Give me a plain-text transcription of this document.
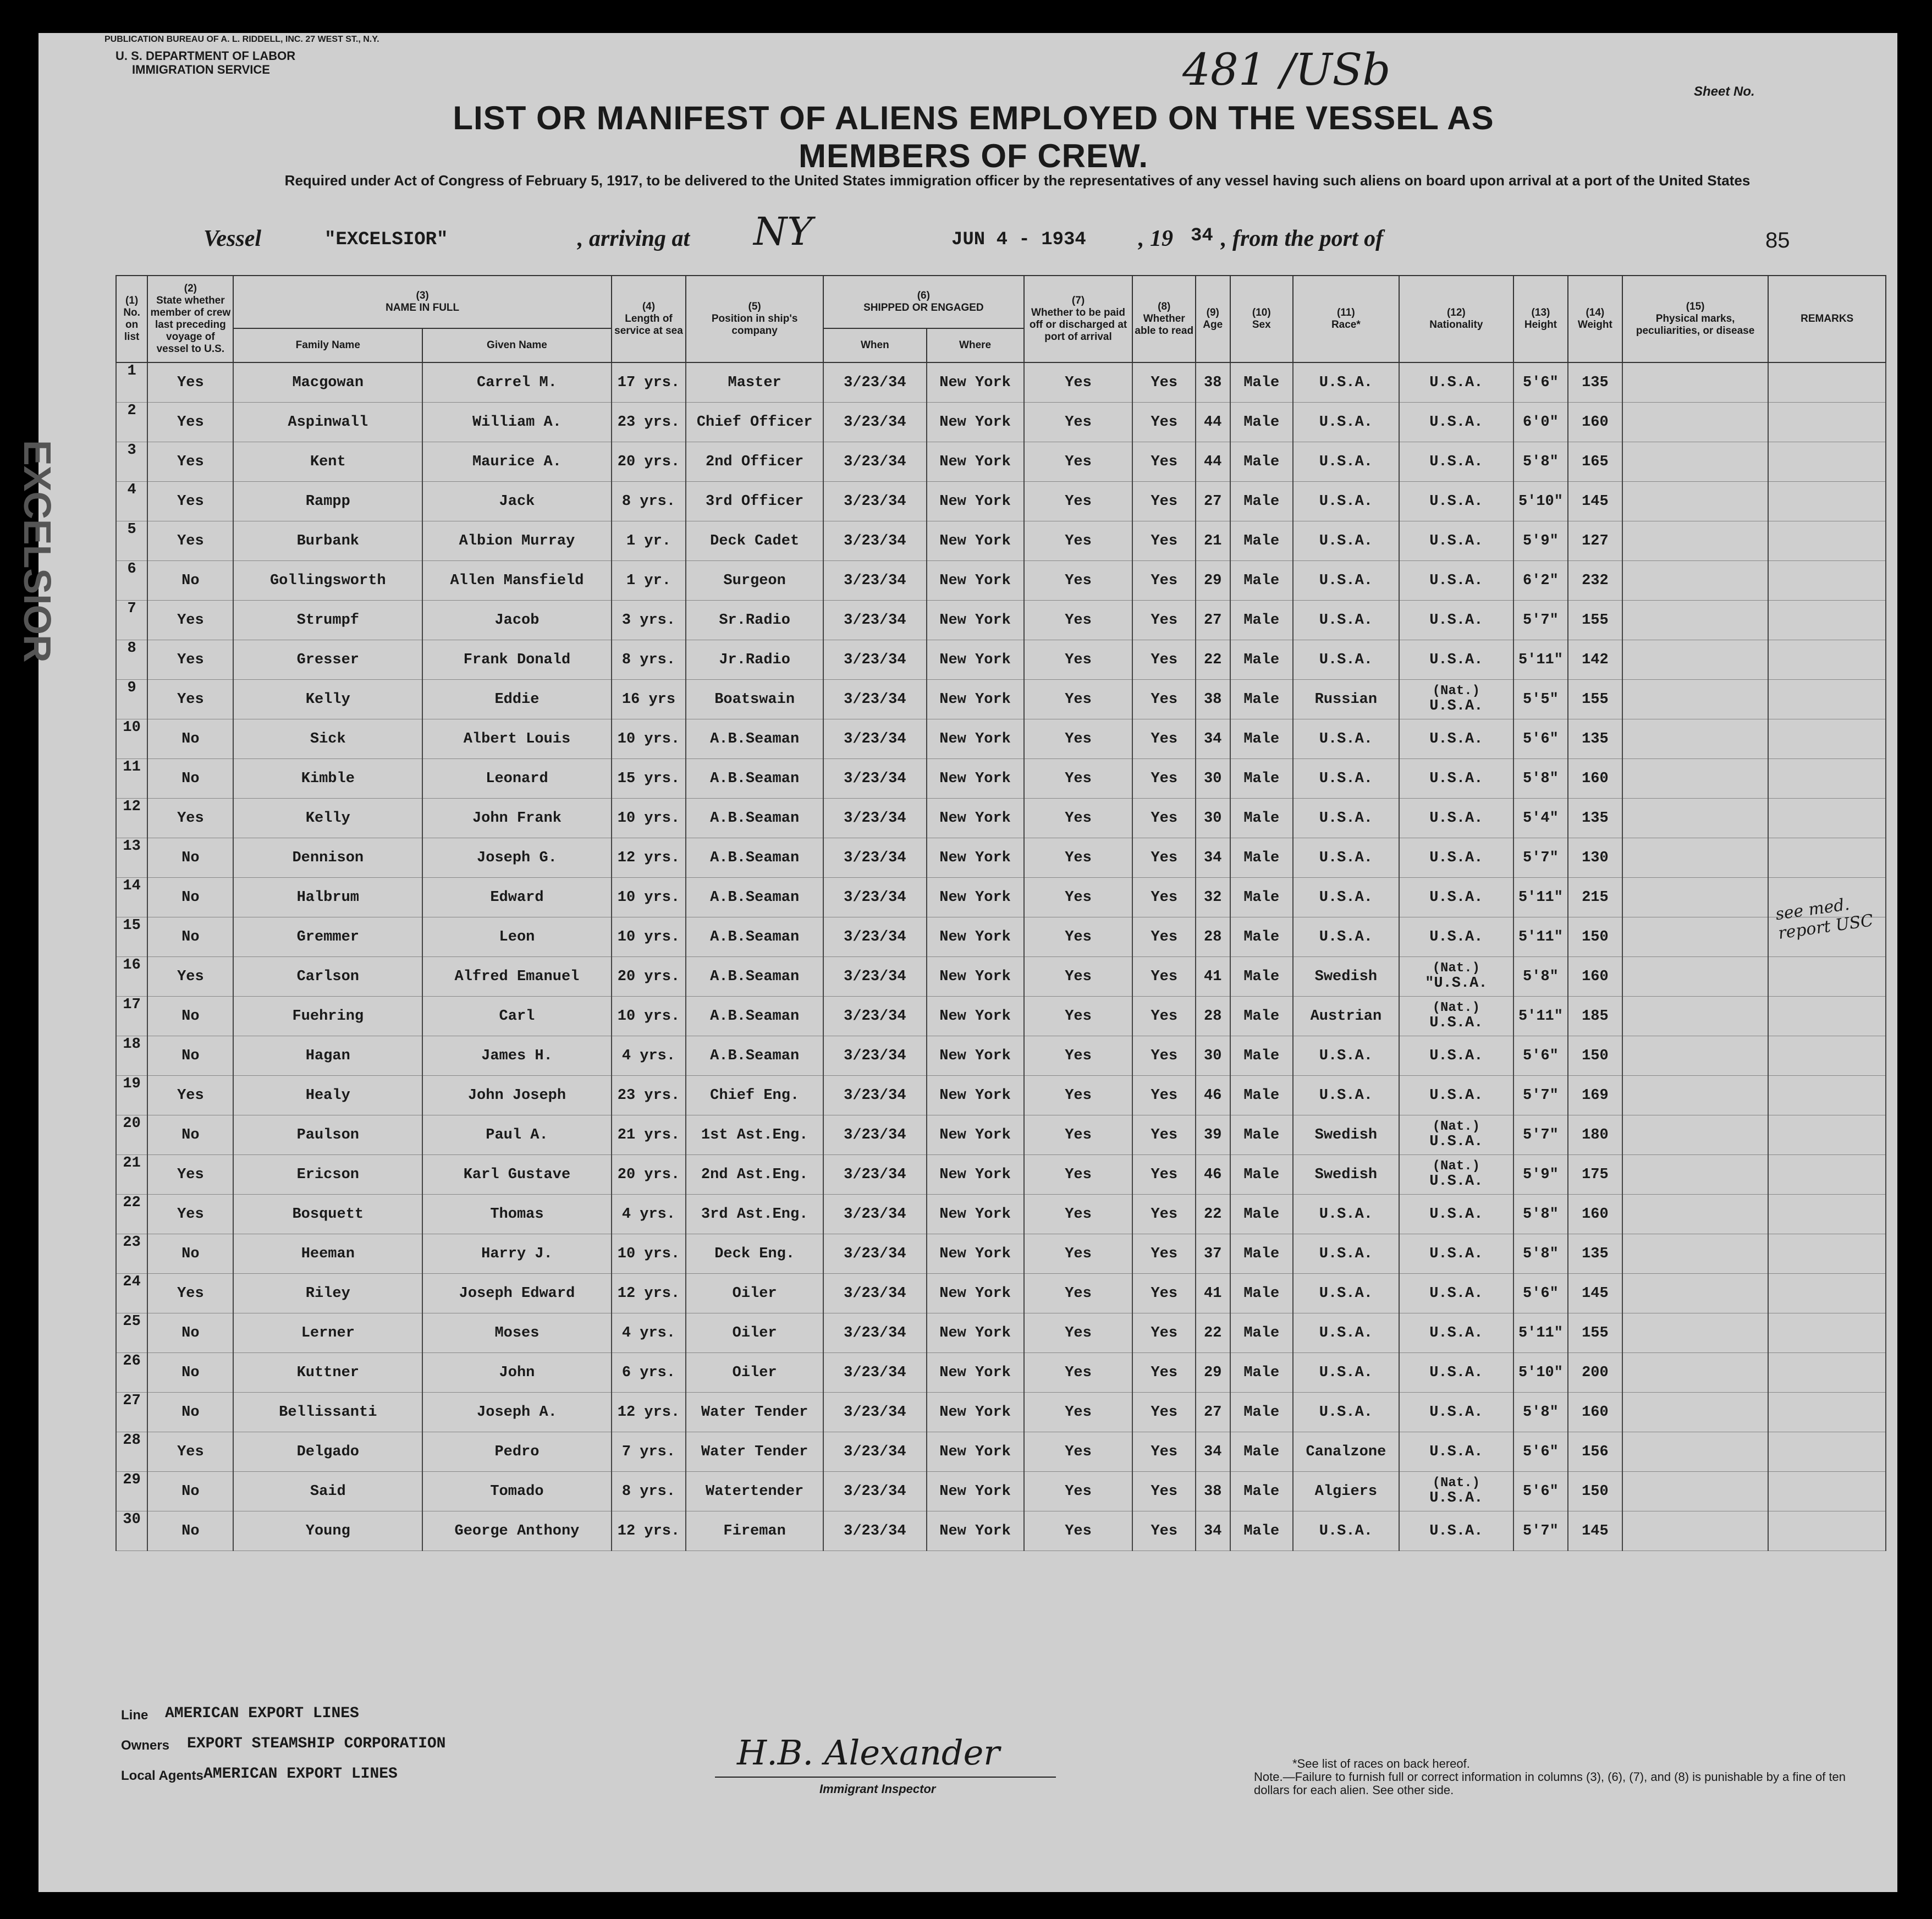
PUBLICATION BUREAU OF A. L. RIDDELL, INC. 27 WEST ST., N.Y.
U. S. DEPARTMENT OF LABOR
IMMIGRATION SERVICE	481 /USb	Sheet No.
LIST OR MANIFEST OF ALIENS EMPLOYED ON THE VESSEL AS MEMBERS OF CREW.
Required under Act of Congress of February 5, 1917, to be delivered to the United States immigration officer by the representatives of any vessel having such aliens on board upon arrival at a port of the United States
Vessel	"EXCELSIOR"	, arriving at NY	JUN 4 - 1934 , 19 34 , from the port of	85
EXCELSIOR
(1)
No. on list	(2)
State whether member of crew last preceding voyage of vessel to U.S.	(3)
NAME IN FULL		(4)
Length of service at sea	(5)
Position in ship's company	(6)
SHIPPED OR ENGAGED		(7)
Whether to be paid off or discharged at port of arrival	(8)
Whether able to read	(9)
Age	(10)
Sex	(11)
Race*	(12)
Nationality	(13)
Height	(14)
Weight	(15)
Physical marks, peculiarities, or disease	REMARKS
		Family Name	Given Name			When	Where										
1	Yes	Macgowan	Carrel M.	17 yrs.	Master	3/23/34	New York	Yes	Yes	38	Male	U.S.A.	U.S.A.	5'6"	135		
2	Yes	Aspinwall	William A.	23 yrs.	Chief Officer	3/23/34	New York	Yes	Yes	44	Male	U.S.A.	U.S.A.	6'0"	160		
3	Yes	Kent	Maurice A.	20 yrs.	2nd Officer	3/23/34	New York	Yes	Yes	44	Male	U.S.A.	U.S.A.	5'8"	165		
4	Yes	Rampp	Jack	8 yrs.	3rd Officer	3/23/34	New York	Yes	Yes	27	Male	U.S.A.	U.S.A.	5'10"	145		
5	Yes	Burbank	Albion Murray	1 yr.	Deck Cadet	3/23/34	New York	Yes	Yes	21	Male	U.S.A.	U.S.A.	5'9"	127		
6	No	Gollingsworth	Allen Mansfield	1 yr.	Surgeon	3/23/34	New York	Yes	Yes	29	Male	U.S.A.	U.S.A.	6'2"	232		
7	Yes	Strumpf	Jacob	3 yrs.	Sr.Radio	3/23/34	New York	Yes	Yes	27	Male	U.S.A.	U.S.A.	5'7"	155		
8	Yes	Gresser	Frank Donald	8 yrs.	Jr.Radio	3/23/34	New York	Yes	Yes	22	Male	U.S.A.	U.S.A.	5'11"	142		
9	Yes	Kelly	Eddie	16 yrs	Boatswain	3/23/34	New York	Yes	Yes	38	Male	Russian	(Nat.)
U.S.A.	5'5"	155		
10	No	Sick	Albert Louis	10 yrs.	A.B.Seaman	3/23/34	New York	Yes	Yes	34	Male	U.S.A.	U.S.A.	5'6"	135		
11	No	Kimble	Leonard	15 yrs.	A.B.Seaman	3/23/34	New York	Yes	Yes	30	Male	U.S.A.	U.S.A.	5'8"	160		
12	Yes	Kelly	John Frank	10 yrs.	A.B.Seaman	3/23/34	New York	Yes	Yes	30	Male	U.S.A.	U.S.A.	5'4"	135		
13	No	Dennison	Joseph G.	12 yrs.	A.B.Seaman	3/23/34	New York	Yes	Yes	34	Male	U.S.A.	U.S.A.	5'7"	130		
14	No	Halbrum	Edward	10 yrs.	A.B.Seaman	3/23/34	New York	Yes	Yes	32	Male	U.S.A.	U.S.A.	5'11"	215		
15	No	Gremmer	Leon	10 yrs.	A.B.Seaman	3/23/34	New York	Yes	Yes	28	Male	U.S.A.	U.S.A.	5'11"	150		
16	Yes	Carlson	Alfred Emanuel	20 yrs.	A.B.Seaman	3/23/34	New York	Yes	Yes	41	Male	Swedish	(Nat.)
"U.S.A.	5'8"	160		
17	No	Fuehring	Carl	10 yrs.	A.B.Seaman	3/23/34	New York	Yes	Yes	28	Male	Austrian	(Nat.)
U.S.A.	5'11"	185		
18	No	Hagan	James H.	4 yrs.	A.B.Seaman	3/23/34	New York	Yes	Yes	30	Male	U.S.A.	U.S.A.	5'6"	150		
19	Yes	Healy	John Joseph	23 yrs.	Chief Eng.	3/23/34	New York	Yes	Yes	46	Male	U.S.A.	U.S.A.	5'7"	169		
20	No	Paulson	Paul A.	21 yrs.	1st Ast.Eng.	3/23/34	New York	Yes	Yes	39	Male	Swedish	(Nat.)
U.S.A.	5'7"	180		
21	Yes	Ericson	Karl Gustave	20 yrs.	2nd Ast.Eng.	3/23/34	New York	Yes	Yes	46	Male	Swedish	(Nat.)
U.S.A.	5'9"	175		
22	Yes	Bosquett	Thomas	4 yrs.	3rd Ast.Eng.	3/23/34	New York	Yes	Yes	22	Male	U.S.A.	U.S.A.	5'8"	160		
23	No	Heeman	Harry J.	10 yrs.	Deck Eng.	3/23/34	New York	Yes	Yes	37	Male	U.S.A.	U.S.A.	5'8"	135		
24	Yes	Riley	Joseph Edward	12 yrs.	Oiler	3/23/34	New York	Yes	Yes	41	Male	U.S.A.	U.S.A.	5'6"	145		
25	No	Lerner	Moses	4 yrs.	Oiler	3/23/34	New York	Yes	Yes	22	Male	U.S.A.	U.S.A.	5'11"	155		
26	No	Kuttner	John	6 yrs.	Oiler	3/23/34	New York	Yes	Yes	29	Male	U.S.A.	U.S.A.	5'10"	200		
27	No	Bellissanti	Joseph A.	12 yrs.	Water Tender	3/23/34	New York	Yes	Yes	27	Male	U.S.A.	U.S.A.	5'8"	160		
28	Yes	Delgado	Pedro	7 yrs.	Water Tender	3/23/34	New York	Yes	Yes	34	Male	Canalzone	U.S.A.	5'6"	156		
29	No	Said	Tomado	8 yrs.	Watertender	3/23/34	New York	Yes	Yes	38	Male	Algiers	(Nat.)
U.S.A.	5'6"	150		
30	No	Young	George Anthony	12 yrs.	Fireman	3/23/34	New York	Yes	Yes	34	Male	U.S.A.	U.S.A.	5'7"	145		
see med. report USC
Line AMERICAN EXPORT LINES
Owners EXPORT STEAMSHIP CORPORATION
Local Agents AMERICAN EXPORT LINES
H.B. Alexander
Immigrant Inspector
*See list of races on back hereof.
Note.—Failure to furnish full or correct information in columns (3), (6), (7), and (8) is punishable by a fine of ten dollars for each alien. See other side.
